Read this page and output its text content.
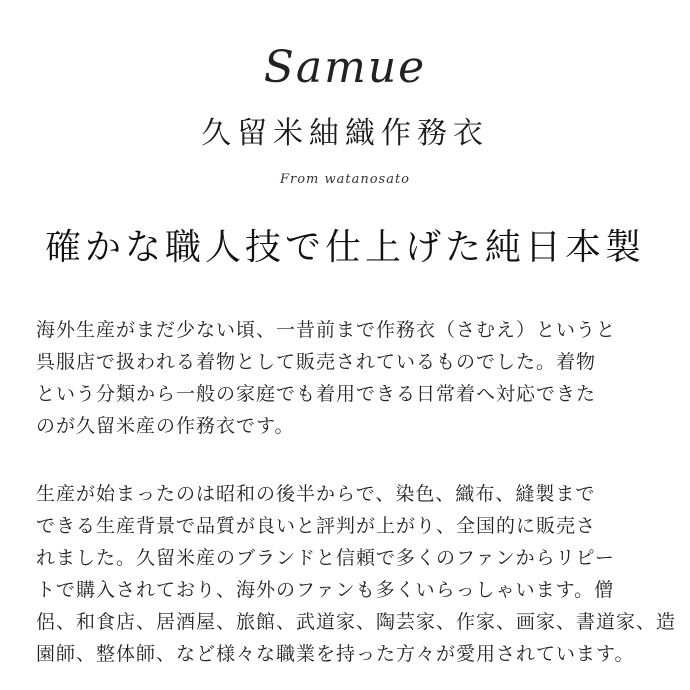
Samue
久留米紬織作務衣
From watanosato
確かな職人技で仕上げた純日本製
海外生産がまだ少ない頃、一昔前まで作務衣（さむえ）というと
呉服店で扱われる着物として販売されているものでした。着物
という分類から一般の家庭でも着用できる日常着へ対応できた
のが久留米産の作務衣です。
生産が始まったのは昭和の後半からで、染色、織布、縫製まで
できる生産背景で品質が良いと評判が上がり、全国的に販売さ
れました。久留米産のブランドと信頼で多くのファンからリピー
トで購入されており、海外のファンも多くいらっしゃいます。僧
侶、和食店、居酒屋、旅館、武道家、陶芸家、作家、画家、書道家、造
園師、整体師、など様々な職業を持った方々が愛用されています。
